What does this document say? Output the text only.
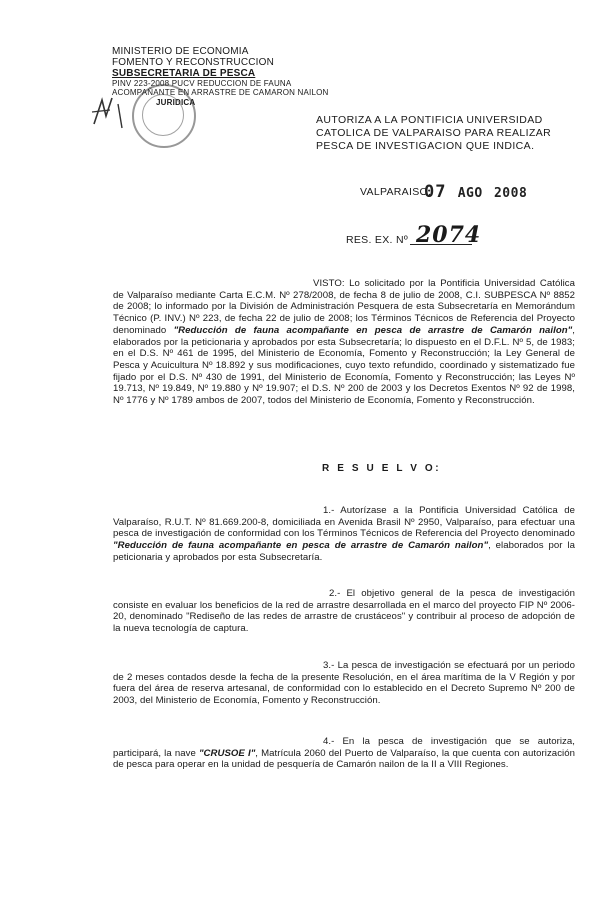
MINISTERIO DE ECONOMIA
FOMENTO Y RECONSTRUCCION
SUBSECRETARIA DE PESCA
PINV 223-2008 PUCV REDUCCION DE FAUNA
ACOMPAÑANTE EN ARRASTRE DE CAMARON NAILON
JURIDICA
AUTORIZA A LA PONTIFICIA UNIVERSIDAD CATOLICA DE VALPARAISO PARA REALIZAR PESCA DE INVESTIGACION QUE INDICA.
VALPARAISO,
07 AGO 2008
RES. EX. Nº 2074
VISTO: Lo solicitado por la Pontificia Universidad Católica de Valparaíso mediante Carta E.C.M. Nº 278/2008, de fecha 8 de julio de 2008, C.I. SUBPESCA Nº 8852 de 2008; lo informado por la División de Administración Pesquera de esta Subsecretaría en Memorándum Técnico (P. INV.) Nº 223, de fecha 22 de julio de 2008; los Términos Técnicos de Referencia del Proyecto denominado "Reducción de fauna acompañante en pesca de arrastre de Camarón nailon", elaborados por la peticionaria y aprobados por esta Subsecretaría; lo dispuesto en el D.F.L. Nº 5, de 1983; en el D.S. Nº 461 de 1995, del Ministerio de Economía, Fomento y Reconstrucción; la Ley General de Pesca y Acuicultura Nº 18.892 y sus modificaciones, cuyo texto refundido, coordinado y sistematizado fue fijado por el D.S. Nº 430 de 1991, del Ministerio de Economía, Fomento y Reconstrucción; las Leyes Nº 19.713, Nº 19.849, Nº 19.880 y Nº 19.907; el D.S. Nº 200 de 2003 y los Decretos Exentos Nº 92 de 1998, Nº 1776 y Nº 1789 ambos de 2007, todos del Ministerio de Economía, Fomento y Reconstrucción.
R E S U E L V O:
1.- Autorízase a la Pontificia Universidad Católica de Valparaíso, R.U.T. Nº 81.669.200-8, domiciliada en Avenida Brasil Nº 2950, Valparaíso, para efectuar una pesca de investigación de conformidad con los Términos Técnicos de Referencia del Proyecto denominado "Reducción de fauna acompañante en pesca de arrastre de Camarón nailon", elaborados por la peticionaria y aprobados por esta Subsecretaría.
2.- El objetivo general de la pesca de investigación consiste en evaluar los beneficios de la red de arrastre desarrollada en el marco del proyecto FIP Nº 2006-20, denominado "Rediseño de las redes de arrastre de crustáceos" y contribuir al proceso de adopción de la nueva tecnología de captura.
3.- La pesca de investigación se efectuará por un periodo de 2 meses contados desde la fecha de la presente Resolución, en el área marítima de la V Región y por fuera del área de reserva artesanal, de conformidad con lo establecido en el Decreto Supremo Nº 200 de 2003, del Ministerio de Economía, Fomento y Reconstrucción.
4.- En la pesca de investigación que se autoriza, participará, la nave "CRUSOE I", Matrícula 2060 del Puerto de Valparaíso, la que cuenta con autorización de pesca para operar en la unidad de pesquería de Camarón nailon de la II a VIII Regiones.
